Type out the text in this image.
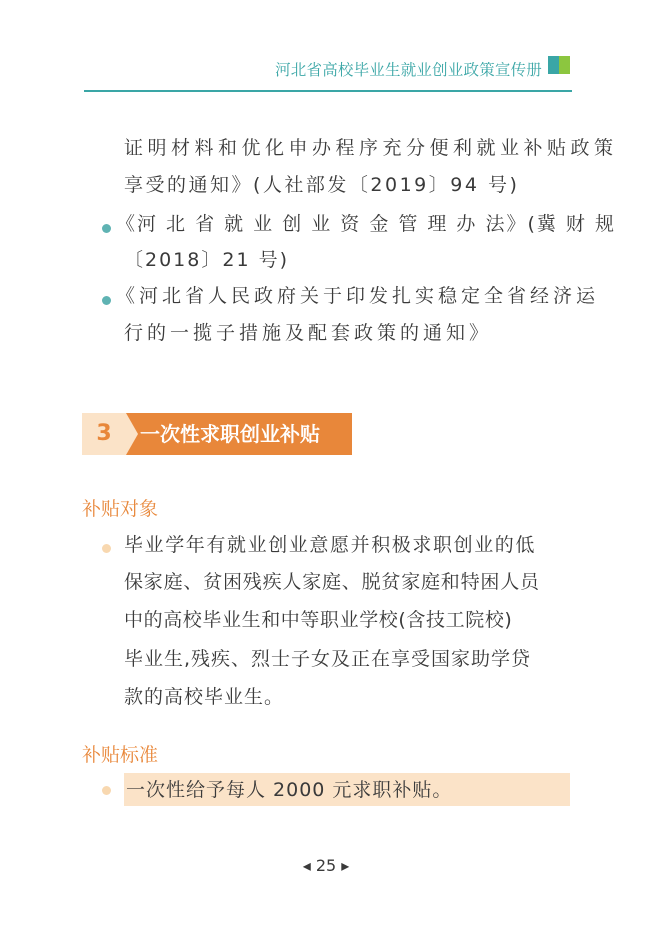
河北省高校毕业生就业创业政策宣传册
证明材料和优化申办程序充分便利就业补贴政策
享受的通知》(人社部发〔2019〕94 号)
《河 北 省 就 业 创 业 资 金 管 理 办 法》(冀 财 规
〔2018〕21 号)
《河北省人民政府关于印发扎实稳定全省经济运
行的一揽子措施及配套政策的通知》
3	一次性求职创业补贴
补贴对象
毕业学年有就业创业意愿并积极求职创业的低
保家庭、贫困残疾人家庭、脱贫家庭和特困人员
中的高校毕业生和中等职业学校(含技工院校)
毕业生,残疾、烈士子女及正在享受国家助学贷
款的高校毕业生。
补贴标准
一次性给予每人 2000 元求职补贴。
◂ 25 ▸
